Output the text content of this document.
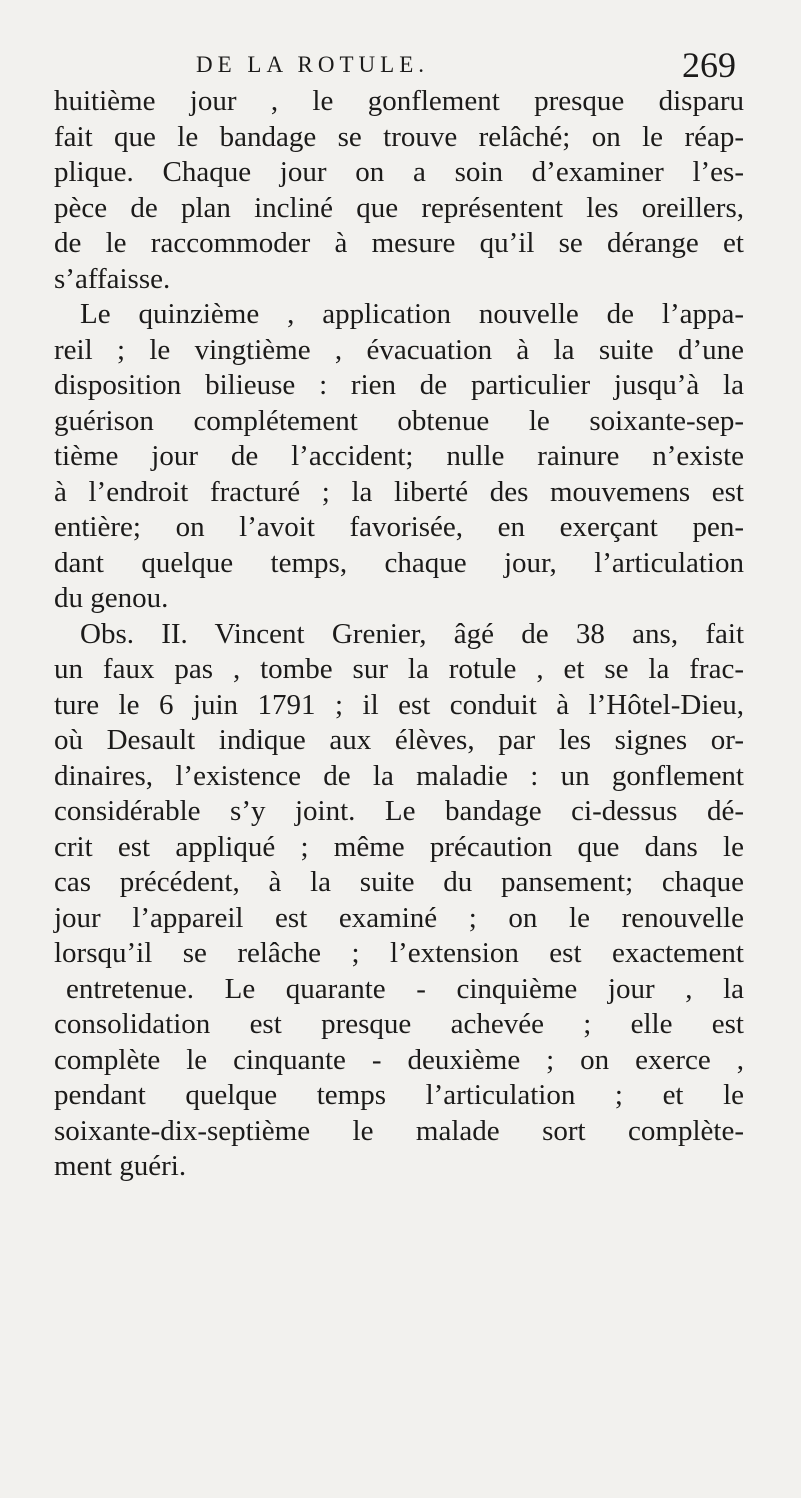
DE LA ROTULE.	269
huitième jour , le gonflement presque disparu
fait que le bandage se trouve relâché; on le réap-
plique. Chaque jour on a soin d’examiner l’es-
pèce de plan incliné que représentent les oreillers,
de le raccommoder à mesure qu’il se dérange et
s’affaisse.
Le quinzième , application nouvelle de l’appa-
reil ; le vingtième , évacuation à la suite d’une
disposition bilieuse : rien de particulier jusqu’à la
guérison complétement obtenue le soixante-sep-
tième jour de l’accident; nulle rainure n’existe
à l’endroit fracturé ; la liberté des mouvemens est
entière; on l’avoit favorisée, en exerçant pen-
dant quelque temps, chaque jour, l’articulation
du genou.
Obs. II. Vincent Grenier, âgé de 38 ans, fait
un faux pas , tombe sur la rotule , et se la frac-
ture le 6 juin 1791 ; il est conduit à l’Hôtel-Dieu,
où Desault indique aux élèves, par les signes or-
dinaires, l’existence de la maladie : un gonflement
considérable s’y joint. Le bandage ci-dessus dé-
crit est appliqué ; même précaution que dans le
cas précédent, à la suite du pansement; chaque
jour l’appareil est examiné ; on le renouvelle
lorsqu’il se relâche ; l’extension est exactement
entretenue. Le quarante - cinquième jour , la
consolidation est presque achevée ; elle est
complète le cinquante - deuxième ; on exerce ,
pendant quelque temps l’articulation ; et le
soixante-dix-septième le malade sort complète-
ment guéri.
